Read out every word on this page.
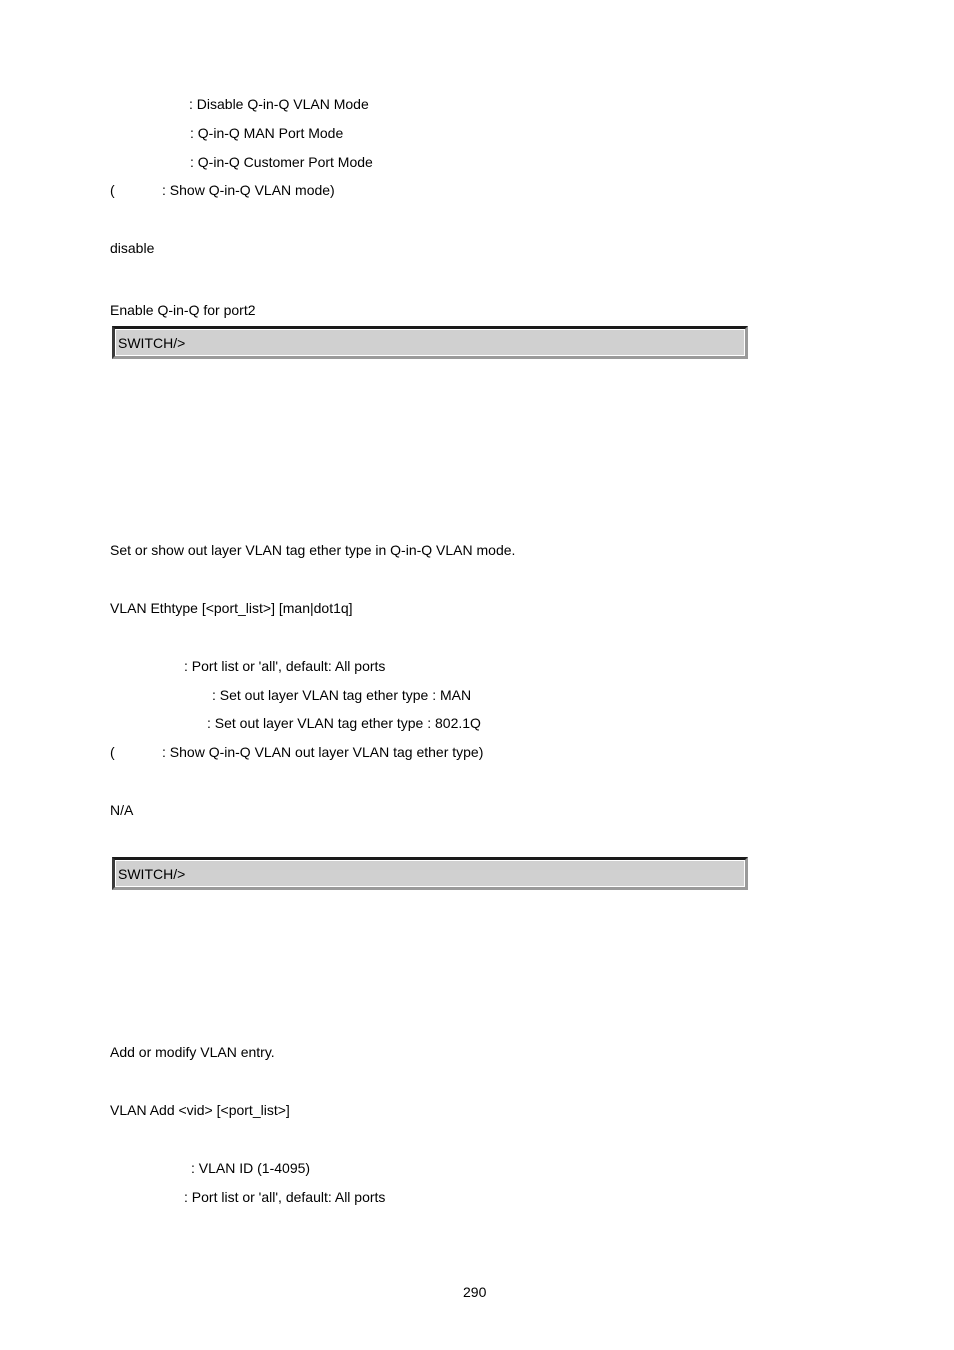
: Disable Q-in-Q VLAN Mode
: Q-in-Q MAN Port Mode
: Q-in-Q Customer Port Mode
(	: Show Q-in-Q VLAN mode)
disable
Enable Q-in-Q for port2
SWITCH/>
Set or show out layer VLAN tag ether type in Q-in-Q VLAN mode.
VLAN Ethtype [<port_list>] [man|dot1q]
: Port list or 'all', default: All ports
: Set out layer VLAN tag ether type : MAN
: Set out layer VLAN tag ether type : 802.1Q
(	: Show Q-in-Q VLAN out layer VLAN tag ether type)
N/A
SWITCH/>
Add or modify VLAN entry.
VLAN Add <vid> [<port_list>]
: VLAN ID (1-4095)
: Port list or 'all', default: All ports
290
